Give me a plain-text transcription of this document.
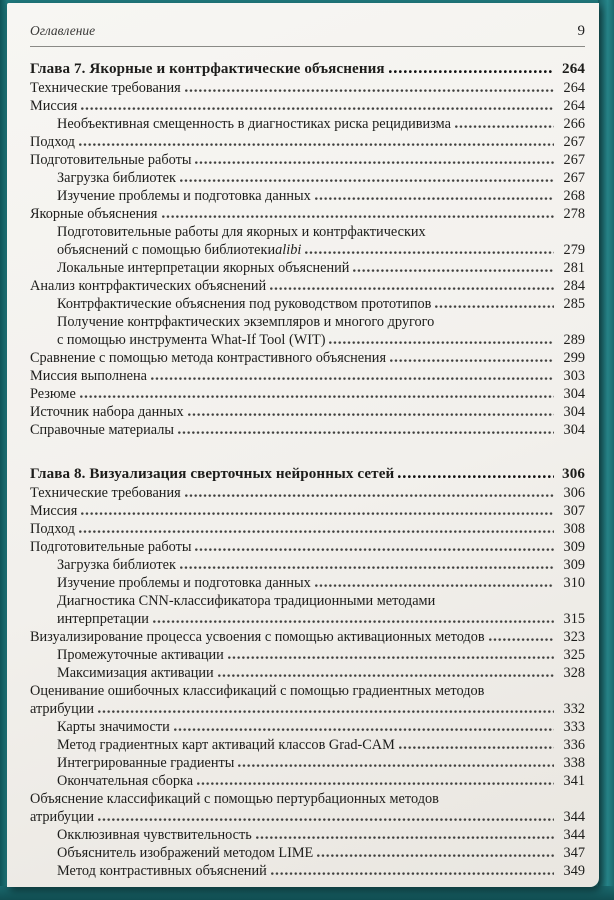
Оглавление	9
Глава 7. Якорные и контрфактические объяснения	264
Технические требования	264
Миссия	264
Необъективная смещенность в диагностиках риска рецидивизма	266
Подход	267
Подготовительные работы	267
Загрузка библиотек	267
Изучение проблемы и подготовка данных	268
Якорные объяснения	278
Подготовительные работы для якорных и контрфактических
объяснений с помощью библиотеки alibi	279
Локальные интерпретации якорных объяснений	281
Анализ контрфактических объяснений	284
Контрфактические объяснения под руководством прототипов	285
Получение контрфактических экземпляров и многого другого
с помощью инструмента What-If Tool (WIT)	289
Сравнение с помощью метода контрастивного объяснения	299
Миссия выполнена	303
Резюме	304
Источник набора данных	304
Справочные материалы	304
Глава 8. Визуализация сверточных нейронных сетей	306
Технические требования	306
Миссия	307
Подход	308
Подготовительные работы	309
Загрузка библиотек	309
Изучение проблемы и подготовка данных	310
Диагностика CNN-классификатора традиционными методами
интерпретации	315
Визуализирование процесса усвоения с помощью активационных методов	323
Промежуточные активации	325
Максимизация активации	328
Оценивание ошибочных классификаций с помощью градиентных методов
атрибуции	332
Карты значимости	333
Метод градиентных карт активаций классов Grad-CAM	336
Интегрированные градиенты	338
Окончательная сборка	341
Объяснение классификаций с помощью пертурбационных методов
атрибуции	344
Окклюзивная чувствительность	344
Объяснитель изображений методом LIME	347
Метод контрастивных объяснений	349
